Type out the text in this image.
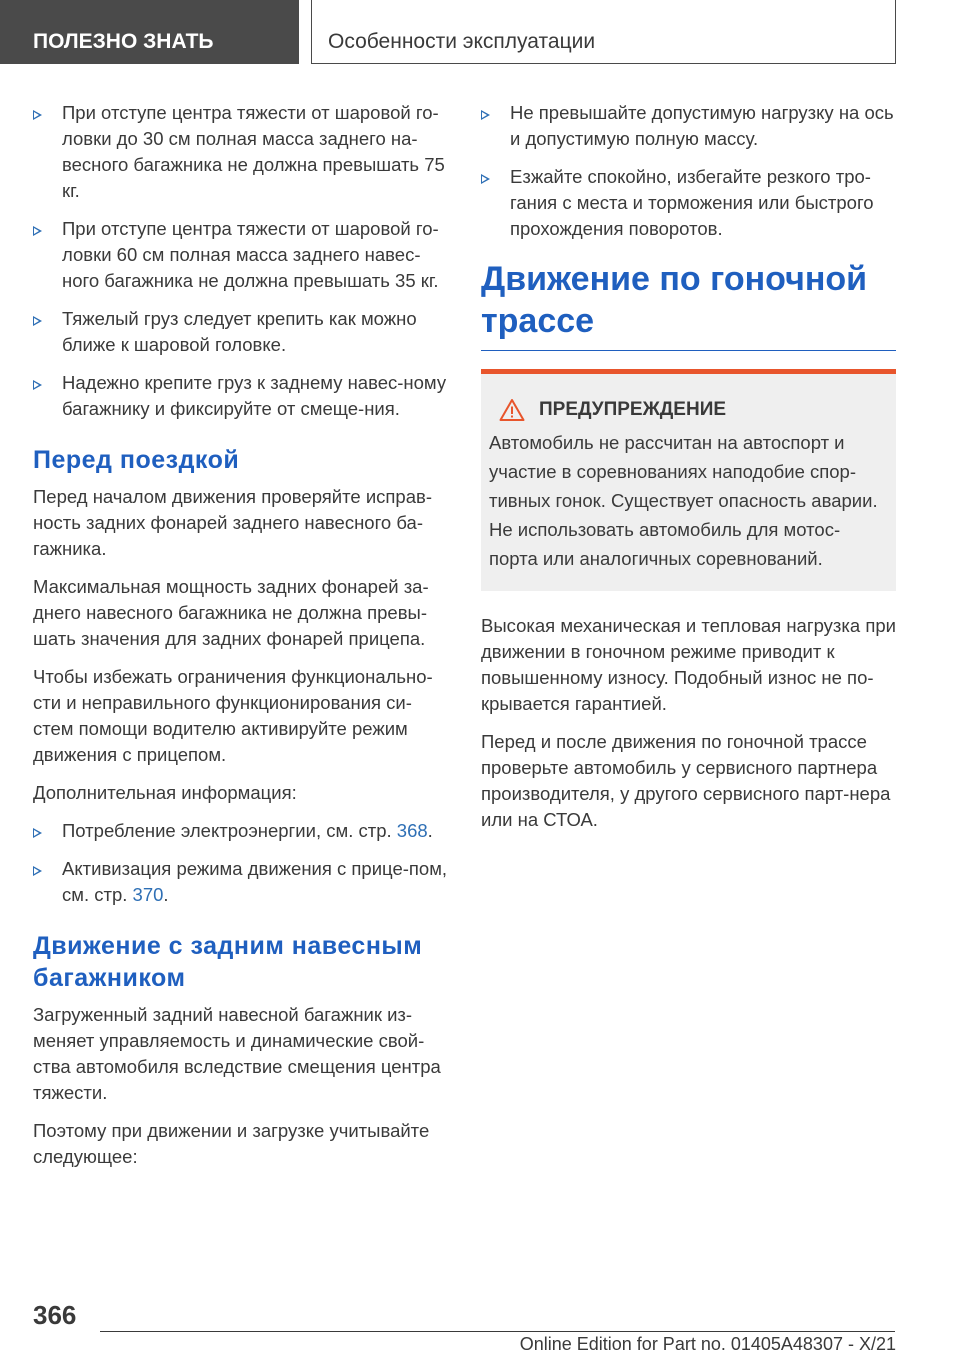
ПОЛЕЗНО ЗНАТЬ	Особенности эксплуатации
При отступе центра тяжести от шаровой го-ловки до 30 см полная масса заднего на-весного багажника не должна превышать 75 кг.
При отступе центра тяжести от шаровой го-ловки 60 см полная масса заднего навес-ного багажника не должна превышать 35 кг.
Тяжелый груз следует крепить как можно ближе к шаровой головке.
Надежно крепите груз к заднему навес-ному багажнику и фиксируйте от смеще-ния.
Перед поездкой

Перед началом движения проверяйте исправ-ность задних фонарей заднего навесного ба-гажника.

Максимальная мощность задних фонарей за-днего навесного багажника не должна превы-шать значения для задних фонарей прицепа.

Чтобы избежать ограничения функционально-сти и неправильного функционирования си-стем помощи водителю активируйте режим движения с прицепом.

Дополнительная информация:

Потребление электроэнергии, см. стр. 368.
Активизация режима движения с прице-пом, см. стр. 370.
Движение с задним навесным багажником

Загруженный задний навесной багажник из-меняет управляемость и динамические свой-ства автомобиля вследствие смещения центра тяжести.

Поэтому при движении и загрузке учитывайте следующее:

Не превышайте допустимую нагрузку на ось и допустимую полную массу.
Езжайте спокойно, избегайте резкого тро-гания с места и торможения или быстрого прохождения поворотов.
Движение по гоночной трассе
ПРЕДУПРЕЖДЕНИЕ

Автомобиль не рассчитан на автоспорт и участие в соревнованиях наподобие спор-тивных гонок. Существует опасность аварии. Не использовать автомобиль для мотос-порта или аналогичных соревнований.

Высокая механическая и тепловая нагрузка при движении в гоночном режиме приводит к повышенному износу. Подобный износ не по-крывается гарантией.

Перед и после движения по гоночной трассе проверьте автомобиль у сервисного партнера производителя, у другого сервисного парт-нера или на СТОА.

366
Online Edition for Part no. 01405A48307 - X/21
